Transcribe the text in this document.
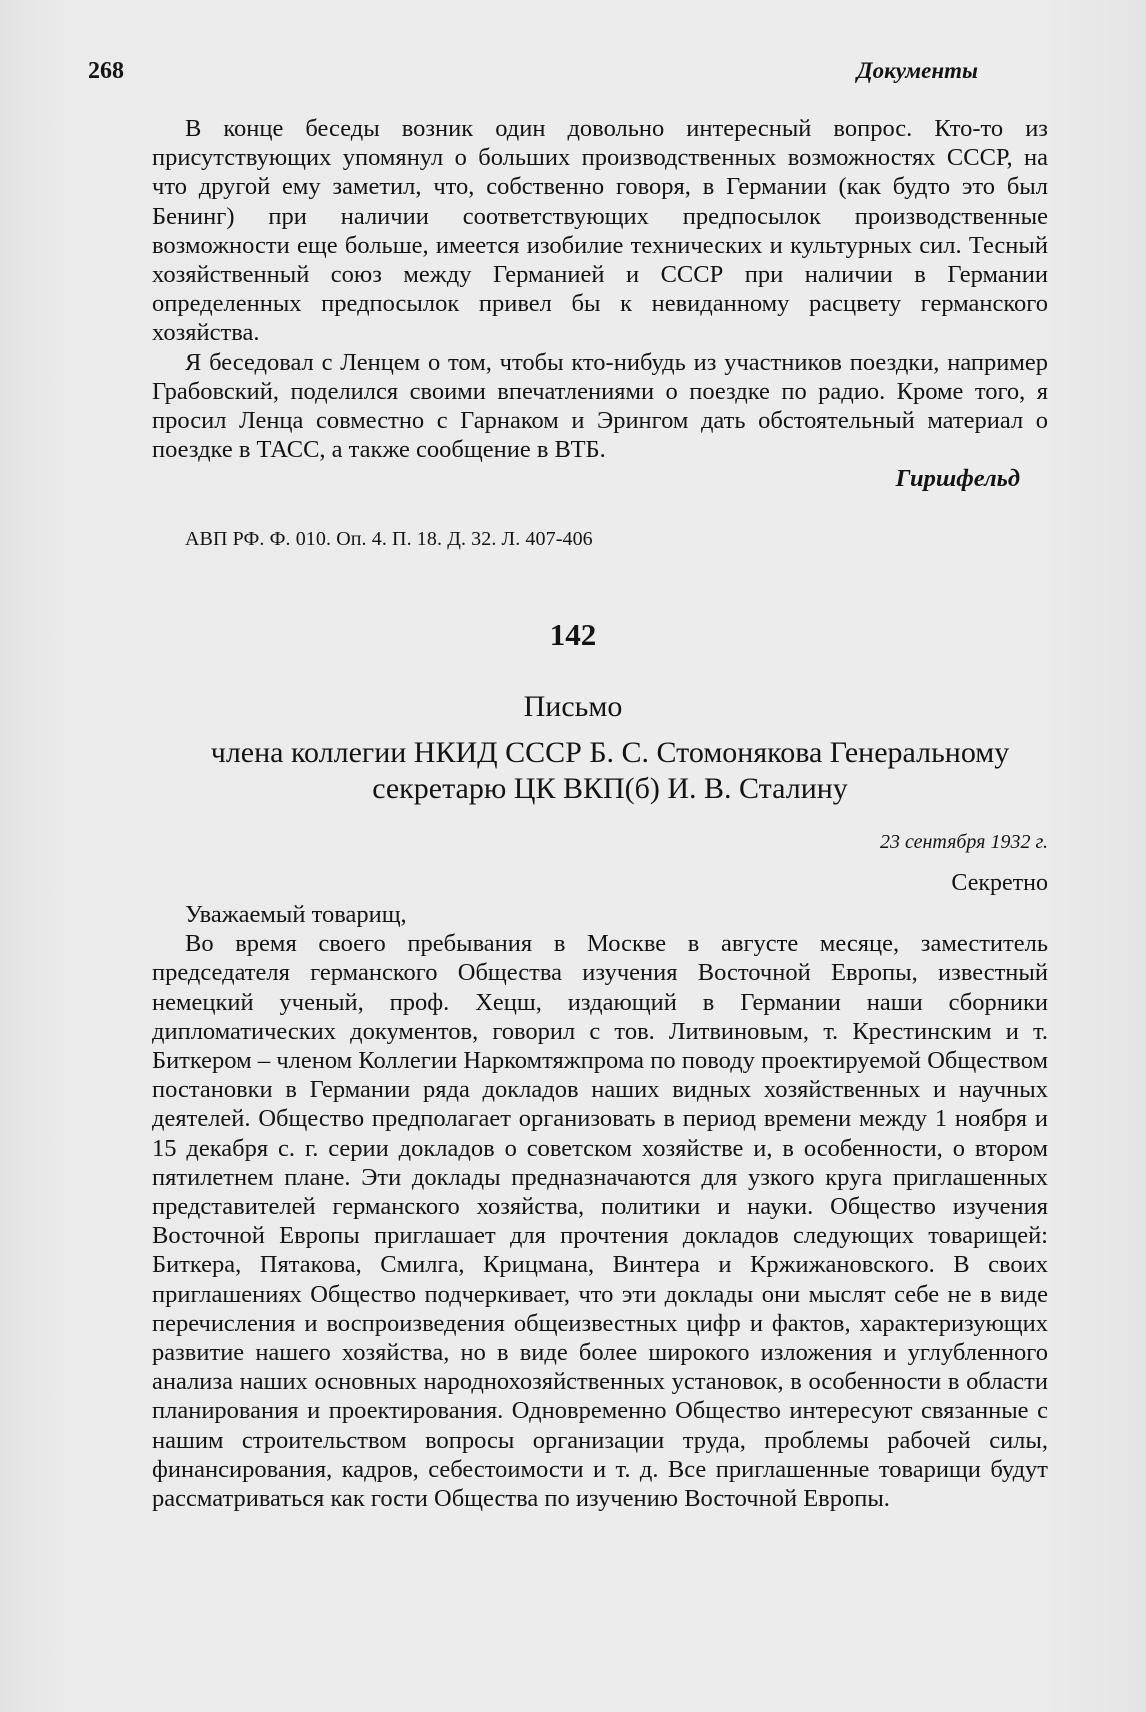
268	Документы

В конце беседы возник один довольно интересный вопрос. Кто-то из присутствующих упомянул о больших производственных возможностях СССР, на что другой ему заметил, что, собственно говоря, в Германии (как будто это был Бенинг) при наличии соответствующих предпосылок производственные возможности еще больше, имеется изобилие технических и культурных сил. Тесный хозяйственный союз между Германией и СССР при наличии в Германии определенных предпосылок привел бы к невиданному расцвету германского хозяйства.

Я беседовал с Ленцем о том, чтобы кто-нибудь из участников поездки, например Грабовский, поделился своими впечатлениями о поездке по радио. Кроме того, я просил Ленца совместно с Гарнаком и Эрингом дать обстоятельный материал о поездке в ТАСС, а также сообщение в ВТБ.

Гиршфельд
АВП РФ. Ф. 010. Оп. 4. П. 18. Д. 32. Л. 407-406
142
Письмо
члена коллегии НКИД СССР Б. С. Стомонякова Генеральному секретарю ЦК ВКП(б) И. В. Сталину
23 сентября 1932 г.
Секретно

Уважаемый товарищ,

Во время своего пребывания в Москве в августе месяце, заместитель председателя германского Общества изучения Восточной Европы, известный немецкий ученый, проф. Хецш, издающий в Германии наши сборники дипломатических документов, говорил с тов. Литвиновым, т. Крестинским и т. Биткером – членом Коллегии Наркомтяжпрома по поводу проектируемой Обществом постановки в Германии ряда докладов наших видных хозяйственных и научных деятелей. Общество предполагает организовать в период времени между 1 ноября и 15 декабря с. г. серии докладов о советском хозяйстве и, в особенности, о втором пятилетнем плане. Эти доклады предназначаются для узкого круга приглашенных представителей германского хозяйства, политики и науки. Общество изучения Восточной Европы приглашает для прочтения докладов следующих товарищей: Биткера, Пятакова, Смилга, Крицмана, Винтера и Кржижановского. В своих приглашениях Общество подчеркивает, что эти доклады они мыслят себе не в виде перечисления и воспроизведения общеизвестных цифр и фактов, характеризующих развитие нашего хозяйства, но в виде более широкого изложения и углубленного анализа наших основных народнохозяйственных установок, в особенности в области планирования и проектирования. Одновременно Общество интересуют связанные с нашим строительством вопросы организации труда, проблемы рабочей силы, финансирования, кадров, себестоимости и т. д. Все приглашенные товарищи будут рассматриваться как гости Общества по изучению Восточной Европы.
